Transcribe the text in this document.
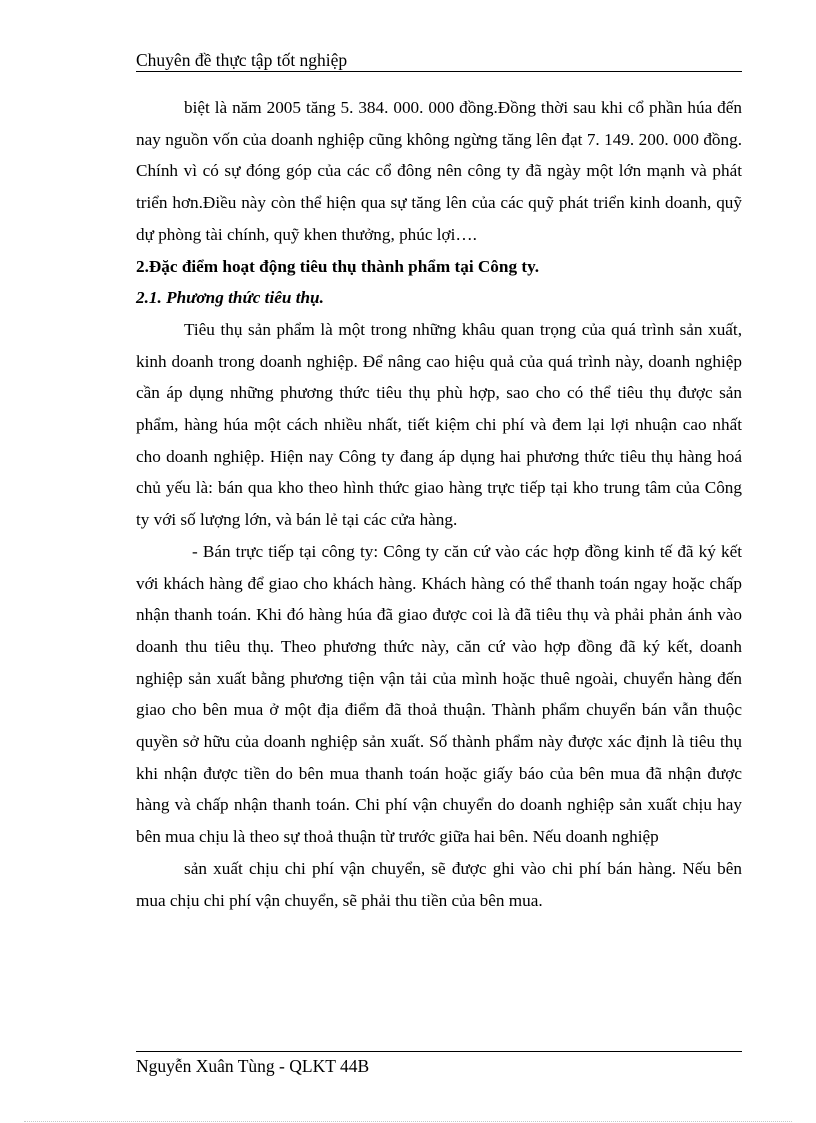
Chuyên đề thực tập tốt nghiệp

biệt là năm 2005 tăng 5. 384. 000. 000 đồng.Đồng thời sau khi cổ phần húa đến nay nguồn vốn của doanh nghiệp cũng không ngừng tăng lên đạt 7. 149. 200. 000 đồng. Chính vì có sự đóng góp của các cổ đông nên công ty đã ngày một lớn mạnh và phát triển hơn.Điều này còn thể hiện qua sự tăng lên của các quỹ phát triển kinh doanh, quỹ dự phòng tài chính, quỹ khen thưởng, phúc lợi….

2.Đặc điểm hoạt động tiêu thụ thành phẩm tại Công ty.

2.1. Phương thức tiêu thụ.

Tiêu thụ sản phẩm là một trong những khâu quan trọng của quá trình sản xuất, kinh doanh trong doanh nghiệp. Để nâng cao hiệu quả của quá trình này, doanh nghiệp cần áp dụng những phương thức tiêu thụ phù hợp, sao cho có thể tiêu thụ được sản phẩm, hàng húa một cách nhiều nhất, tiết kiệm chi phí và đem lại lợi nhuận cao nhất cho doanh nghiệp. Hiện nay Công ty đang áp dụng hai phương thức tiêu thụ hàng hoá chủ yếu là: bán qua kho theo hình thức giao hàng trực tiếp tại kho trung tâm của Công ty với số lượng lớn, và bán lẻ tại các cửa hàng.

- Bán trực tiếp tại công ty: Công ty căn cứ vào các hợp đồng kinh tế đã ký kết với khách hàng để giao cho khách hàng. Khách hàng có thể thanh toán ngay hoặc chấp nhận thanh toán. Khi đó hàng húa đã giao được coi là đã tiêu thụ và phải phản ánh vào doanh thu tiêu thụ. Theo phương thức này, căn cứ vào hợp đồng đã ký kết, doanh nghiệp sản xuất bằng phương tiện vận tải của mình hoặc thuê ngoài, chuyển hàng đến giao cho bên mua ở một địa điểm đã thoả thuận. Thành phẩm chuyển bán vẫn thuộc quyền sở hữu của doanh nghiệp sản xuất. Số thành phẩm này được xác định là tiêu thụ khi nhận được tiền do bên mua thanh toán hoặc giấy báo của bên mua đã nhận được hàng và chấp nhận thanh toán. Chi phí vận chuyển do doanh nghiệp sản xuất chịu hay bên mua chịu là theo sự thoả thuận từ trước giữa hai bên. Nếu doanh nghiệp

sản xuất chịu chi phí vận chuyển, sẽ được ghi vào chi phí bán hàng. Nếu bên mua chịu chi phí vận chuyển, sẽ phải thu tiền của bên mua.

Nguyễn Xuân Tùng - QLKT 44B
